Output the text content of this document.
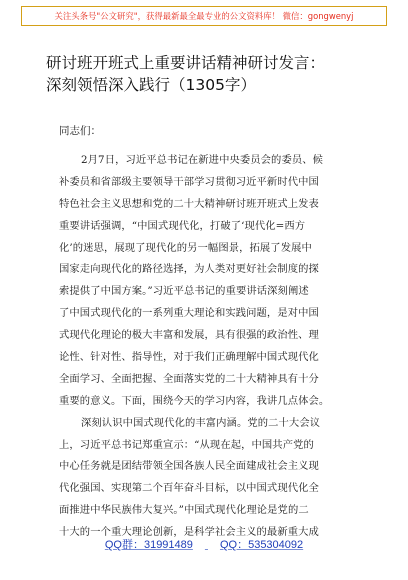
关注头条号"公文研究"，获得最新最全最专业的公文资料库！ 微信：gongwenyj
研讨班开班式上重要讲话精神研讨发言：
深刻领悟深入践行（1305字）
同志们：

2月7日，习近平总书记在新进中央委员会的委员、候
补委员和省部级主要领导干部学习贯彻习近平新时代中国
特色社会主义思想和党的二十大精神研讨班开班式上发表
重要讲话强调，“中国式现代化，打破了‘现代化=西方
化’的迷思，展现了现代化的另一幅图景，拓展了发展中
国家走向现代化的路径选择，为人类对更好社会制度的探
索提供了中国方案。”习近平总书记的重要讲话深刻阐述
了中国式现代化的一系列重大理论和实践问题，是对中国
式现代化理论的极大丰富和发展，具有很强的政治性、理
论性、针对性、指导性，对于我们正确理解中国式现代化
全面学习、全面把握、全面落实党的二十大精神具有十分
重要的意义。下面，围绕今天的学习内容，我讲几点体会。

深刻认识中国式现代化的丰富内涵。党的二十大会议
上，习近平总书记郑重宣示：“从现在起，中国共产党的
中心任务就是团结带领全国各族人民全面建成社会主义现
代化强国、实现第二个百年奋斗目标，以中国式现代化全
面推进中华民族伟大复兴。”中国式现代化理论是党的二
十大的一个重大理论创新，是科学社会主义的最新重大成

QQ群：31991489 QQ：535304092
